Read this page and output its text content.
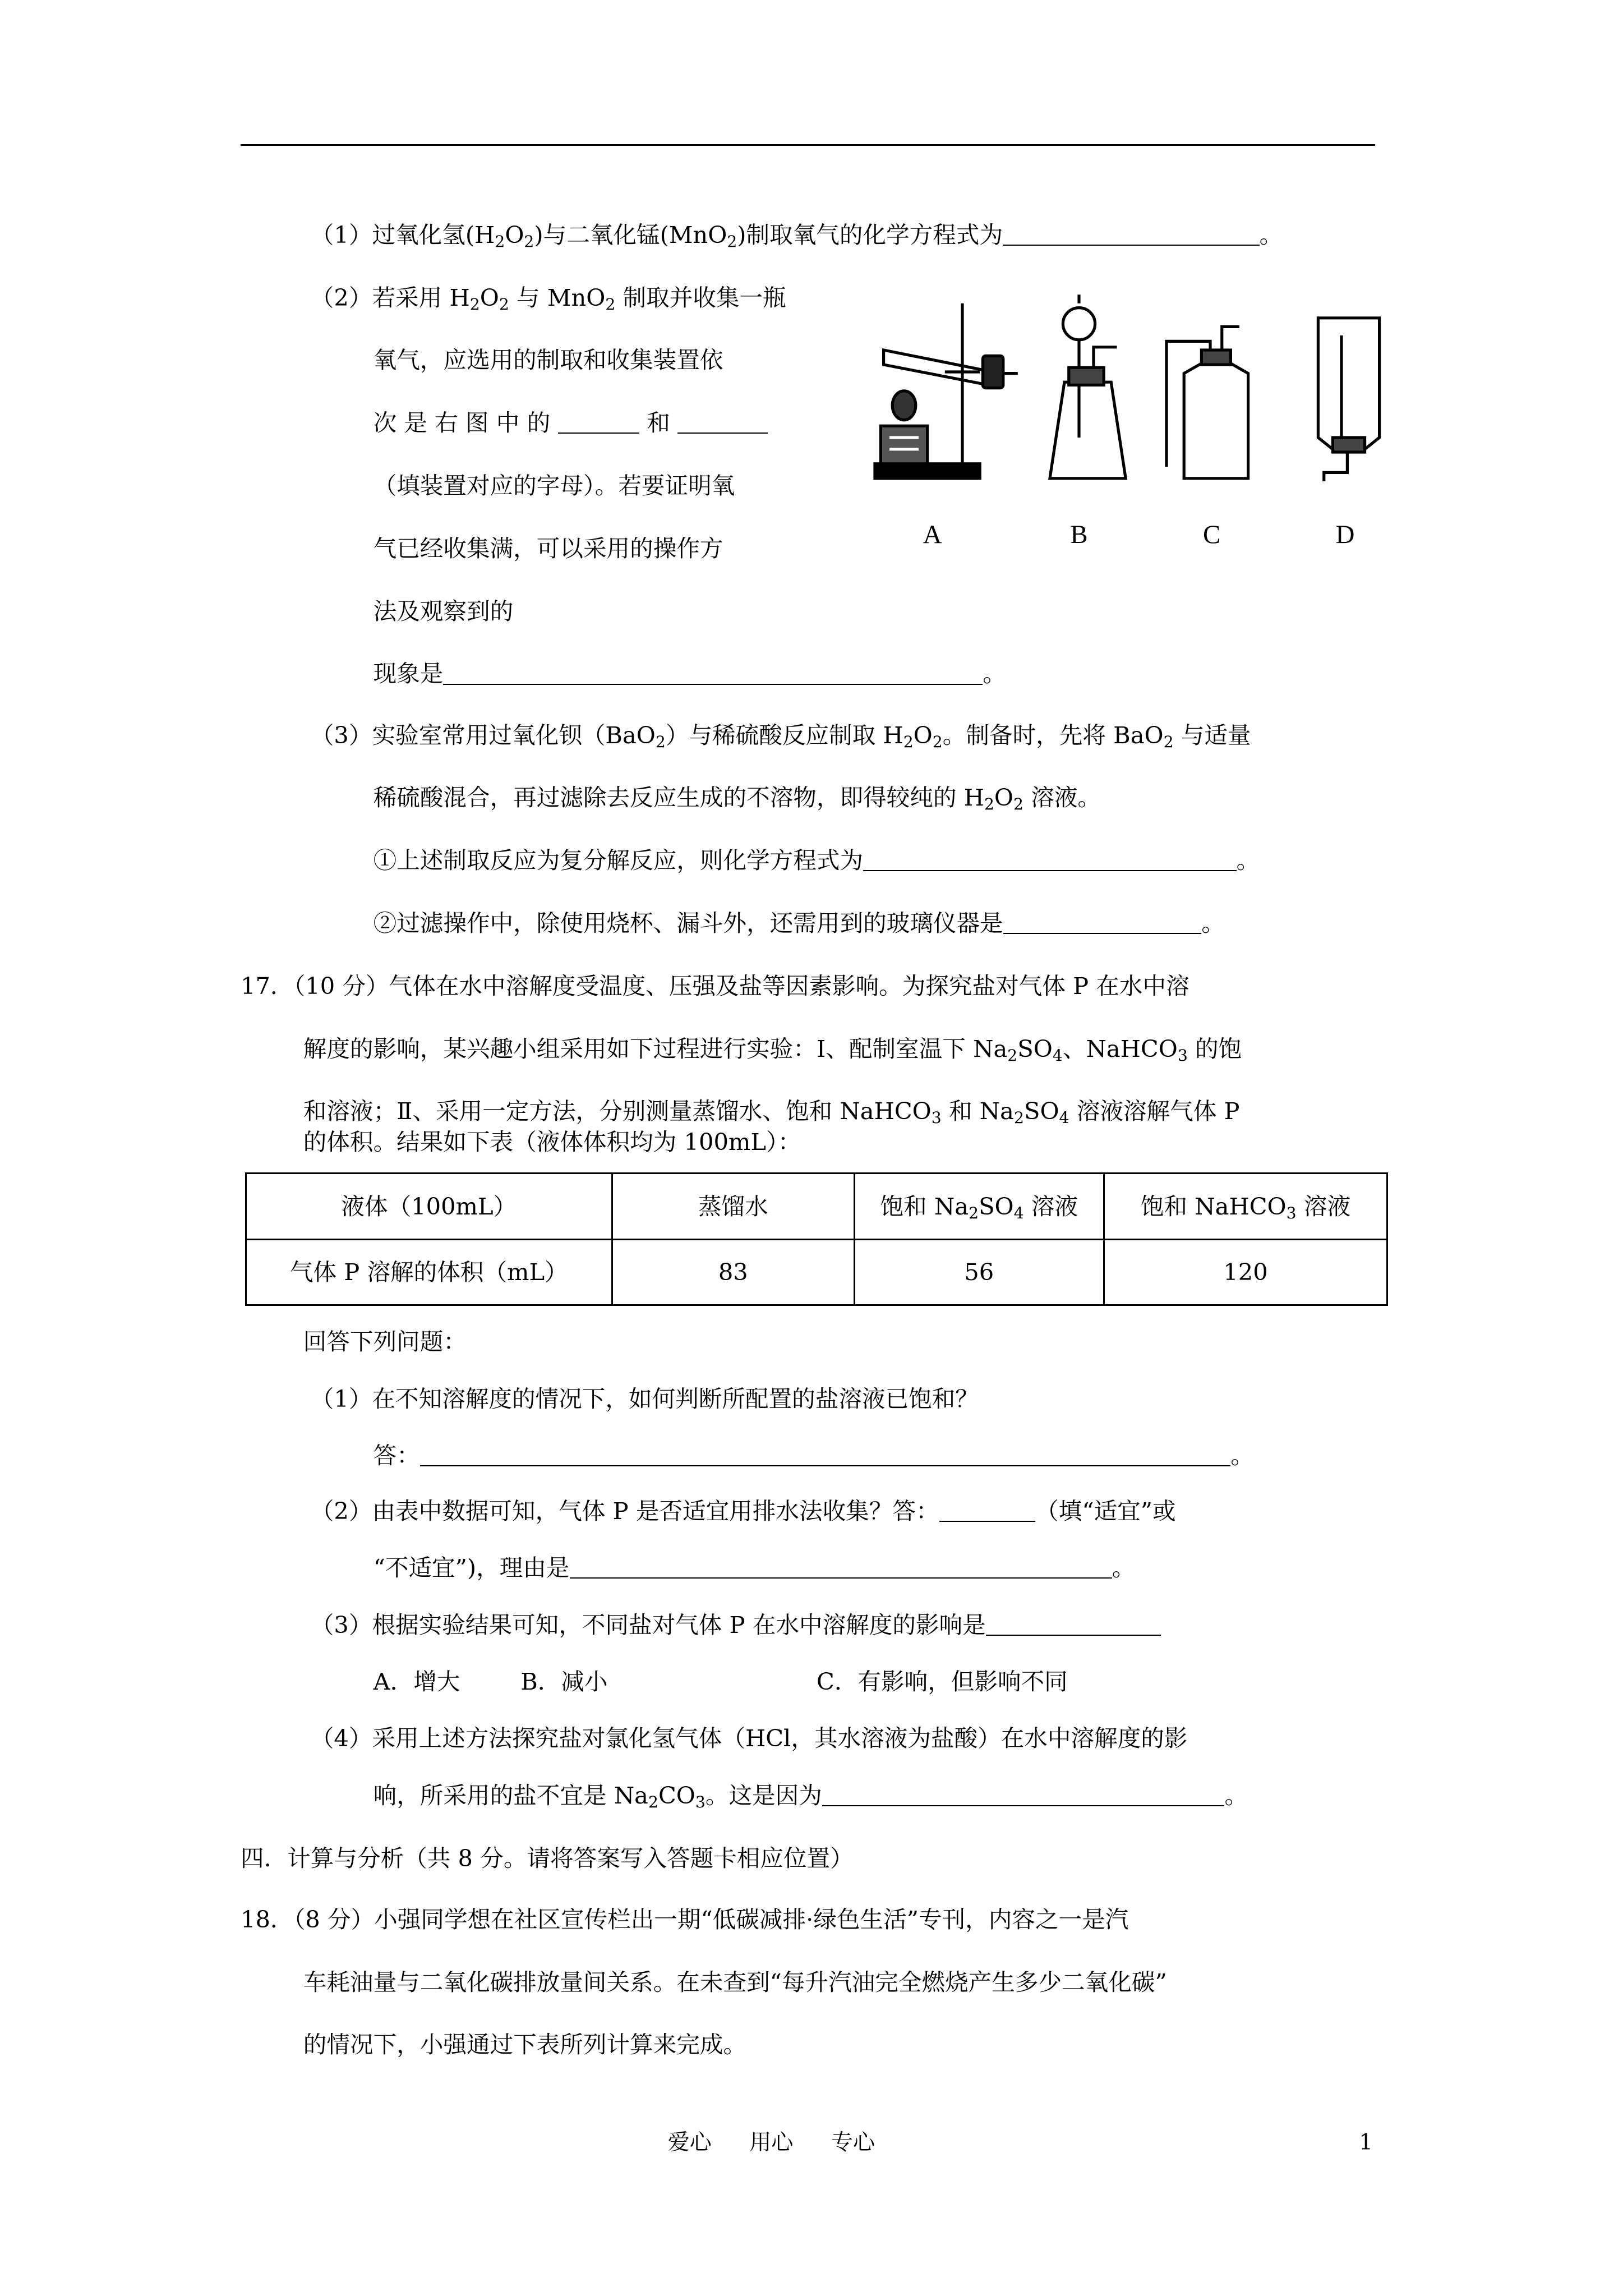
（1）过氧化氢$(H_2O_2)$与二氧化锰(MnO$_2$)制取氧气的化学方程式为	。
（2）若采用 $H_2O_2$ 与 MnO$_2$ 制取并收集一瓶
氧气，应选用的制取和收集装置依
次 是 右 图 中 的	和
（填装置对应的字母）。若要证明氧
气已经收集满，可以采用的操作方
法及观察到的
现象是	。
A	B	C	D
（3）实验室常用过氧化钡（BaO$_2$）与稀硫酸反应制取 $H_2O_2$。制备时，先将 BaO$_2$ 与适量
稀硫酸混合，再过滤除去反应生成的不溶物，即得较纯的 $H_2O_2$ 溶液。
①上述制取反应为复分解反应，则化学方程式为	。
②过滤操作中，除使用烧杯、漏斗外，还需用到的玻璃仪器是	。
17．（10 分）气体在水中溶解度受温度、压强及盐等因素影响。为探究盐对气体 P 在水中溶
解度的影响，某兴趣小组采用如下过程进行实验：Ⅰ、配制室温下 $Na_2SO_4$、NaHCO$_3$ 的饱
和溶液；Ⅱ、采用一定方法，分别测量蒸馏水、饱和 NaHCO$_3$ 和 $Na_2SO_4$ 溶液溶解气体 P
的体积。结果如下表（液体体积均为 100mL）：
液体（100mL）	蒸馏水	饱和 $Na_2SO_4$ 溶液	饱和 NaHCO$_3$ 溶液
气体 P 溶解的体积（mL）	83	56	120
回答下列问题：
（1）在不知溶解度的情况下，如何判断所配置的盐溶液已饱和？
答：	。
（2）由表中数据可知，气体 P 是否适宜用排水法收集？答：	（填“适宜”或
“不适宜”)，理由是	。
（3）根据实验结果可知，不同盐对气体 P 在水中溶解度的影响是
A．增大	B．减小	C．有影响，但影响不同
（4）采用上述方法探究盐对氯化氢气体（HCl，其水溶液为盐酸）在水中溶解度的影
响，所采用的盐不宜是 $Na_2CO_3$。这是因为	。
四．计算与分析（共 8 分。请将答案写入答题卡相应位置）
18．（8 分）小强同学想在社区宣传栏出一期“低碳减排·绿色生活”专刊，内容之一是汽
车耗油量与二氧化碳排放量间关系。在未查到“每升汽油完全燃烧产生多少二氧化碳”
的情况下，小强通过下表所列计算来完成。
爱心	用心	专心	1
